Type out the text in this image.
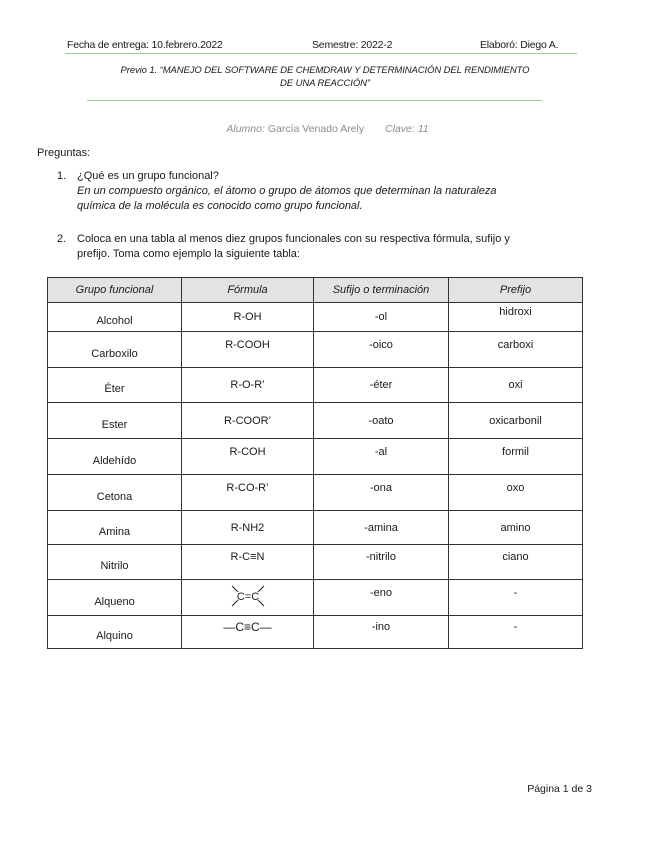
Fecha de entrega: 10.febrero.2022	Semestre: 2022-2	Elaboró: Diego A.
Previo 1. “MANEJO DEL SOFTWARE DE CHEMDRAW Y DETERMINACIÓN DEL RENDIMIENTO
DE UNA REACCIÓN”
Alumno: García Venado Arely Clave: 11
Preguntas:
1. ¿Qué es un grupo funcional?
En un compuesto orgánico, el átomo o grupo de átomos que determinan la naturaleza
química de la molécula es conocido como grupo funcional.
2. Coloca en una tabla al menos diez grupos funcionales con su respectiva fórmula, sufijo y
prefijo. Toma como ejemplo la siguiente tabla:
Grupo funcional	Fórmula	Sufijo o terminación	Prefijo
Alcohol	R-OH	-ol	hidroxi
Carboxilo	R-COOH	-oico	carboxi
Éter	R-O-R’	-éter	oxi
Ester	R-COOR’	-oato	oxicarbonil
Aldehído	R-COH	-al	formil
Cetona	R-CO-R’	-ona	oxo
Amina	R-NH2	-amina	amino
Nitrilo	R-C≡N	-nitrilo	ciano
Alqueno	C=C	-eno	-
Alquino	—C≡C—	-ino	-
Página 1 de 3
